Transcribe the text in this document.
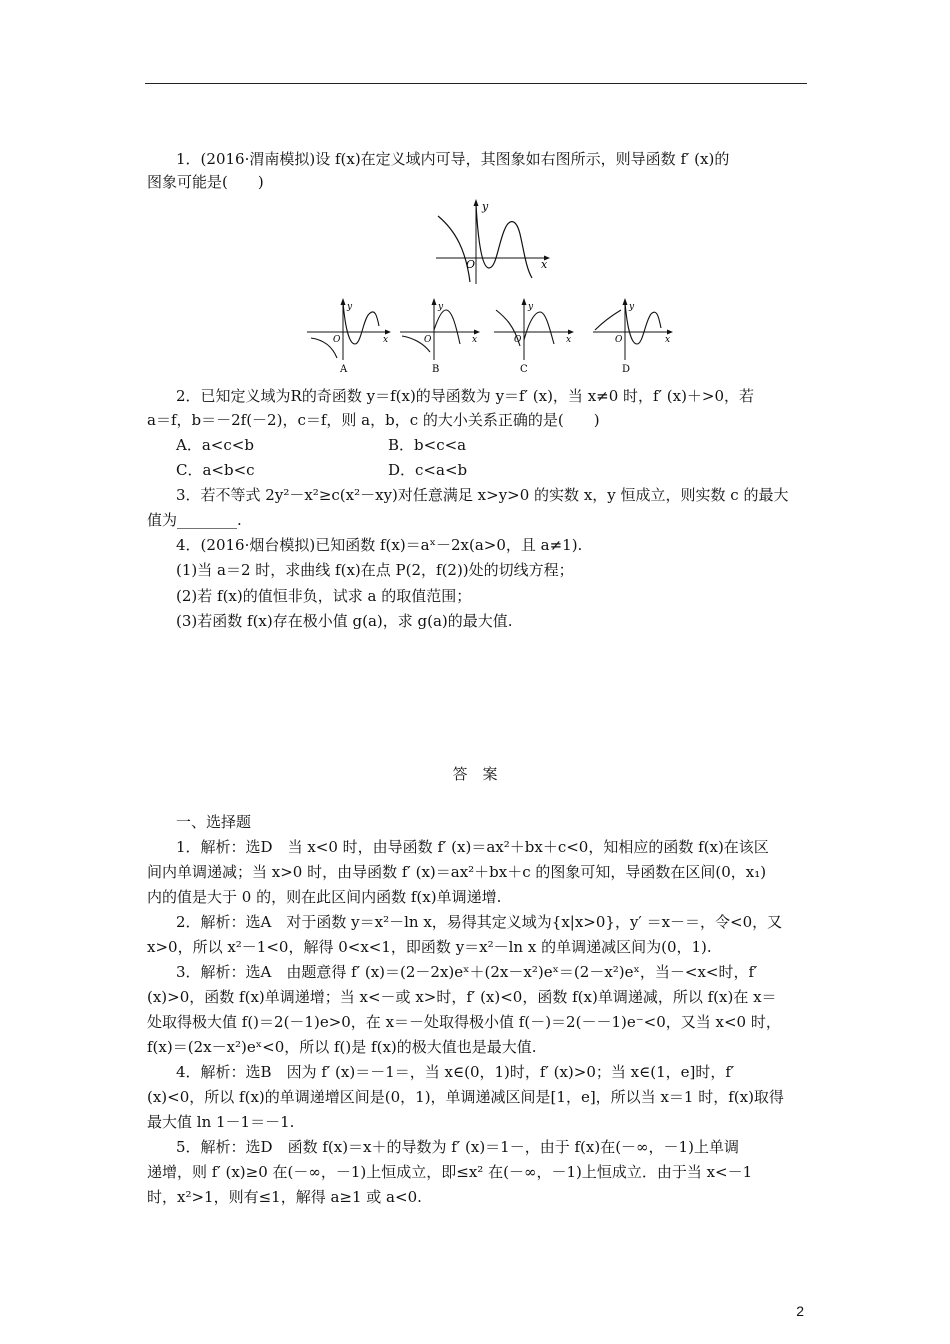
1．(2016·渭南模拟)设 f(x)在定义域内可导，其图象如右图所示，则导函数 f′ (x)的
图象可能是(　　)
y
x
O
y
x
O
A
y
x
O
B
y
x
O
C
y
x
O
D
2．已知定义域为R的奇函数 y＝f(x)的导函数为 y＝f′ (x)，当 x≠0 时，f′ (x)＋>0，若
a＝f，b＝－2f(－2)，c＝f，则 a，b，c 的大小关系正确的是(　　)
A．a<c<b	B．b<c<a
C．a<b<c	D．c<a<b
3．若不等式 2y²－x²≥c(x²－xy)对任意满足 x>y>0 的实数 x，y 恒成立，则实数 c 的最大
值为________.
4．(2016·烟台模拟)已知函数 f(x)＝aˣ－2x(a>0，且 a≠1).
(1)当 a＝2 时，求曲线 f(x)在点 P(2，f(2))处的切线方程；
(2)若 f(x)的值恒非负，试求 a 的取值范围；
(3)若函数 f(x)存在极小值 g(a)，求 g(a)的最大值.
答　案
一、选择题
1．解析：选D　当 x<0 时，由导函数 f′ (x)＝ax²＋bx＋c<0，知相应的函数 f(x)在该区
间内单调递减；当 x>0 时，由导函数 f′ (x)＝ax²＋bx＋c 的图象可知，导函数在区间(0，x₁)
内的值是大于 0 的，则在此区间内函数 f(x)单调递增.
2．解析：选A　对于函数 y＝x²－ln x，易得其定义域为{x|x>0}，y′ ＝x－＝，令<0，又
x>0，所以 x²－1<0，解得 0<x<1，即函数 y＝x²－ln x 的单调递减区间为(0，1).
3．解析：选A　由题意得 f′ (x)＝(2－2x)eˣ＋(2x－x²)eˣ＝(2－x²)eˣ，当－<x<时，f′
(x)>0，函数 f(x)单调递增；当 x<－或 x>时，f′ (x)<0，函数 f(x)单调递减，所以 f(x)在 x＝
处取得极大值 f()＝2(－1)e>0，在 x＝－处取得极小值 f(－)＝2(－－1)e⁻<0，又当 x<0 时，
f(x)＝(2x－x²)eˣ<0，所以 f()是 f(x)的极大值也是最大值.
4．解析：选B　因为 f′ (x)＝－1＝，当 x∈(0，1)时，f′ (x)>0；当 x∈(1，e]时，f′
(x)<0，所以 f(x)的单调递增区间是(0，1)，单调递减区间是[1，e]，所以当 x＝1 时，f(x)取得
最大值 ln 1－1＝－1.
5．解析：选D　函数 f(x)＝x＋的导数为 f′ (x)＝1－，由于 f(x)在(－∞，－1)上单调
递增，则 f′ (x)≥0 在(－∞，－1)上恒成立，即≤x² 在(－∞，－1)上恒成立．由于当 x<－1
时，x²>1，则有≤1，解得 a≥1 或 a<0.
2
